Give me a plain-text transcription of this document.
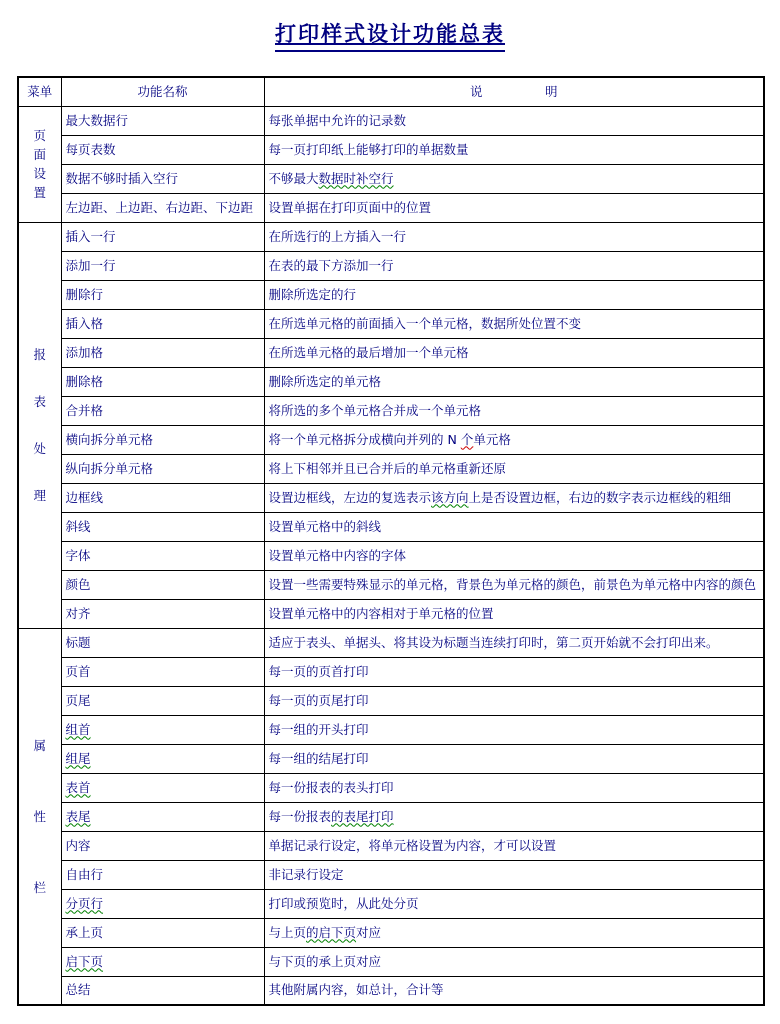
打印样式设计功能总表
菜单	功能名称	说　　　　　明

页
面
设
置	最大数据行	每张单据中允许的记录数
	每页表数	每一页打印纸上能够打印的单据数量
	数据不够时插入空行	不够最大数据时补空行
	左边距、上边距、右边距、下边距	设置单据在打印页面中的位置

报
表
处
理	插入一行	在所选行的上方插入一行
	添加一行	在表的最下方添加一行
	删除行	删除所选定的行
	插入格	在所选单元格的前面插入一个单元格，数据所处位置不变
	添加格	在所选单元格的最后增加一个单元格
	删除格	删除所选定的单元格
	合并格	将所选的多个单元格合并成一个单元格
	横向拆分单元格	将一个单元格拆分成横向并列的 N 个单元格
	纵向拆分单元格	将上下相邻并且已合并后的单元格重新还原
	边框线	设置边框线，左边的复选表示该方向上是否设置边框，右边的数字表示边框线的粗细
	斜线	设置单元格中的斜线
	字体	设置单元格中内容的字体
	颜色	设置一些需要特殊显示的单元格，背景色为单元格的颜色，前景色为单元格中内容的颜色
	对齐	设置单元格中的内容相对于单元格的位置

属
性
栏	标题	适应于表头、单据头、将其设为标题当连续打印时，第二页开始就不会打印出来。
	页首	每一页的页首打印
	页尾	每一页的页尾打印
	组首	每一组的开头打印
	组尾	每一组的结尾打印
	表首	每一份报表的表头打印
	表尾	每一份报表的表尾打印
	内容	单据记录行设定，将单元格设置为内容，才可以设置
	自由行	非记录行设定
	分页行	打印或预览时，从此处分页
	承上页	与上页的启下页对应
	启下页	与下页的承上页对应
	总结	其他附属内容，如总计，合计等
